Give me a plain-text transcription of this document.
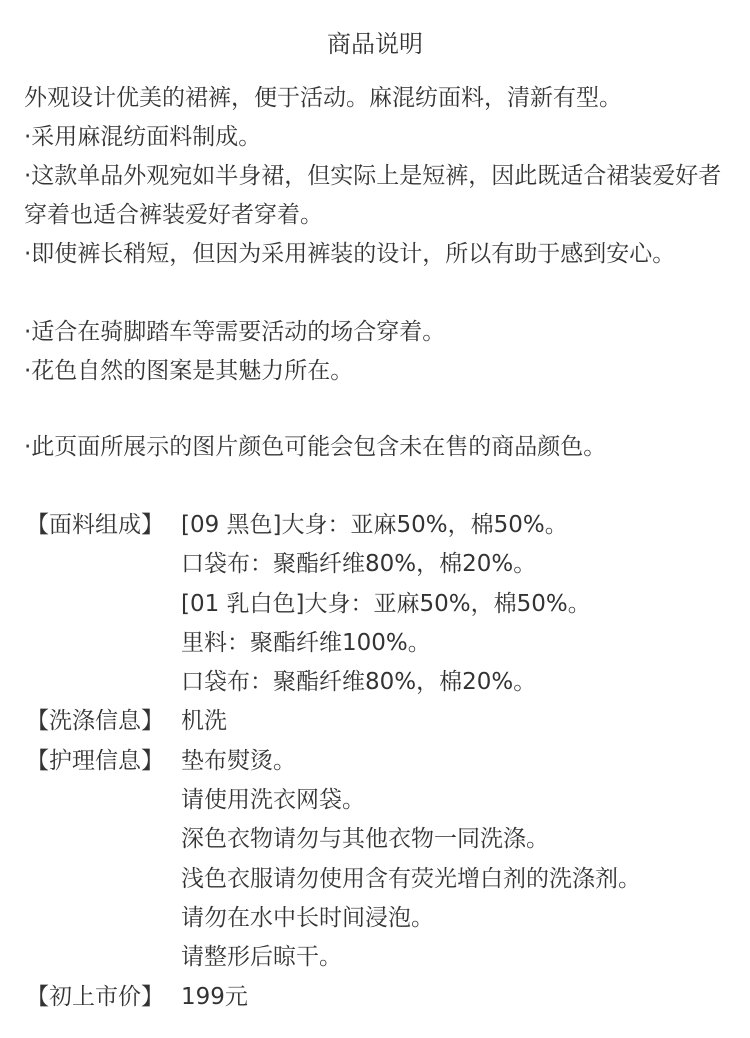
商品说明
外观设计优美的裙裤，便于活动。麻混纺面料，清新有型。
·采用麻混纺面料制成。
·这款单品外观宛如半身裙，但实际上是短裤，因此既适合裙装爱好者穿着也适合裤装爱好者穿着。
·即使裤长稍短，但因为采用裤装的设计，所以有助于感到安心。
·适合在骑脚踏车等需要活动的场合穿着。
·花色自然的图案是其魅力所在。
·此页面所展示的图片颜色可能会包含未在售的商品颜色。
【面料组成】 [09 黑色]大身：亚麻50%，棉50%。
口袋布：聚酯纤维80%，棉20%。
[01 乳白色]大身：亚麻50%，棉50%。
里料：聚酯纤维100%。
口袋布：聚酯纤维80%，棉20%。
【洗涤信息】 机洗
【护理信息】 垫布熨烫。
请使用洗衣网袋。
深色衣物请勿与其他衣物一同洗涤。
浅色衣服请勿使用含有荧光增白剂的洗涤剂。
请勿在水中长时间浸泡。
请整形后晾干。
【初上市价】 199元
